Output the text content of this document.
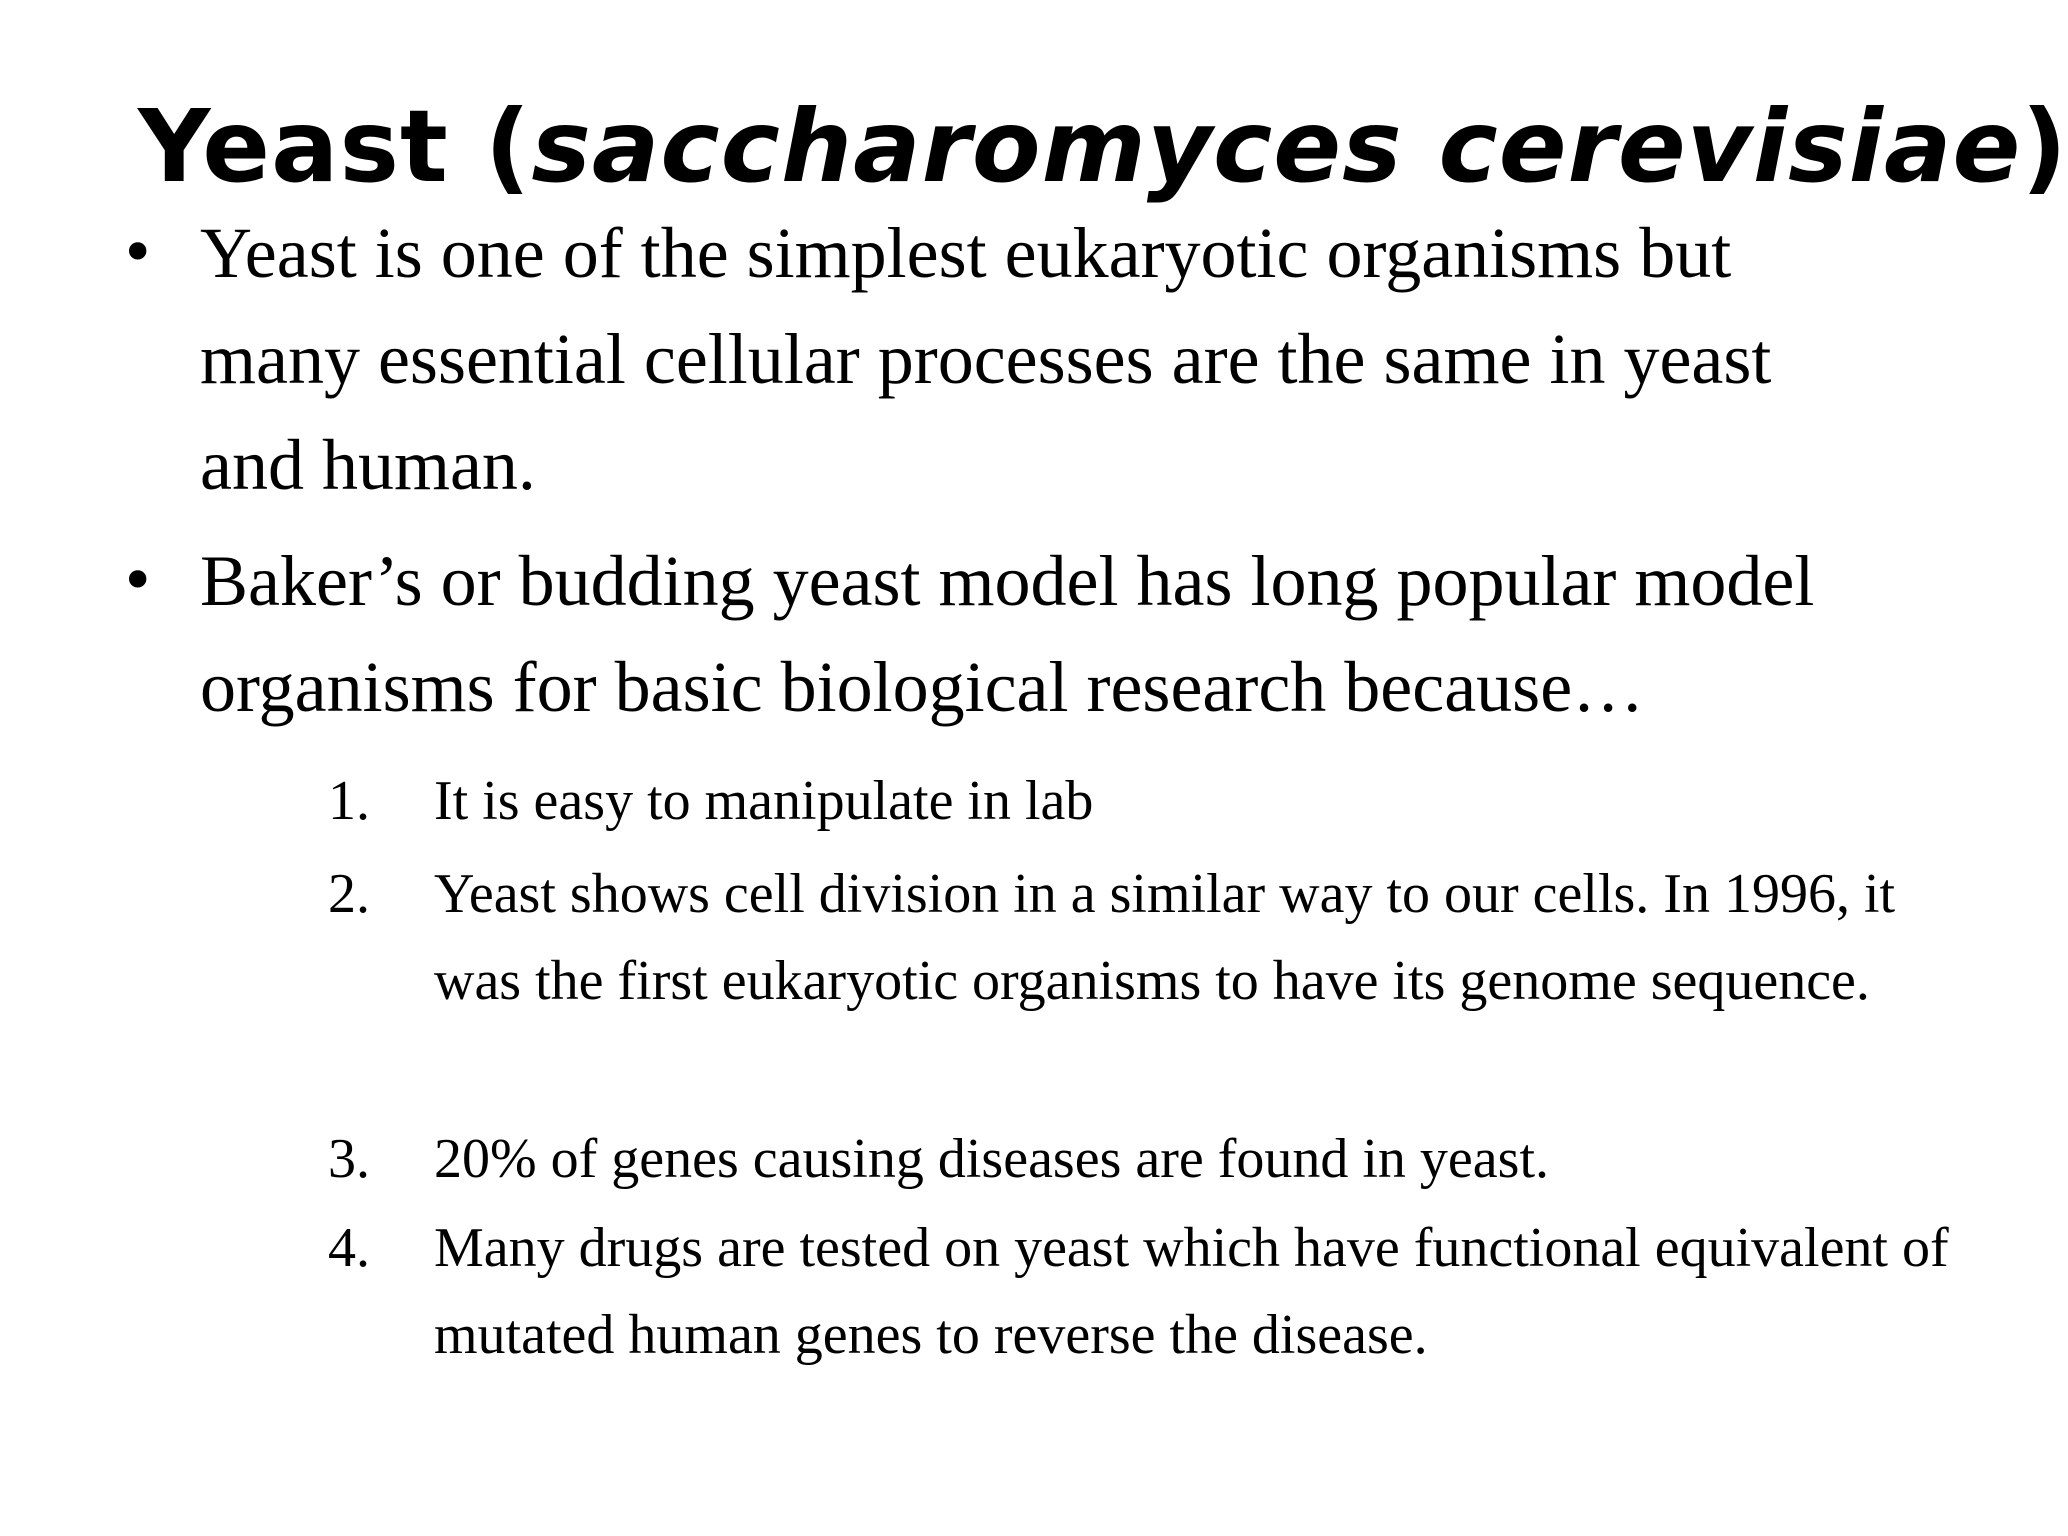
Yeast (saccharomyces cerevisiae)
• Yeast is one of the simplest eukaryotic organisms but many essential cellular processes are the same in yeast and human.
• Baker’s or budding yeast model has long popular model organisms for basic biological research because…
1. It is easy to manipulate in lab
2. Yeast shows cell division in a similar way to our cells. In 1996, it was the first eukaryotic organisms to have its genome sequence.
3. 20% of genes causing diseases are found in yeast.
4. Many drugs are tested on yeast which have functional equivalent of mutated human genes to reverse the disease.
